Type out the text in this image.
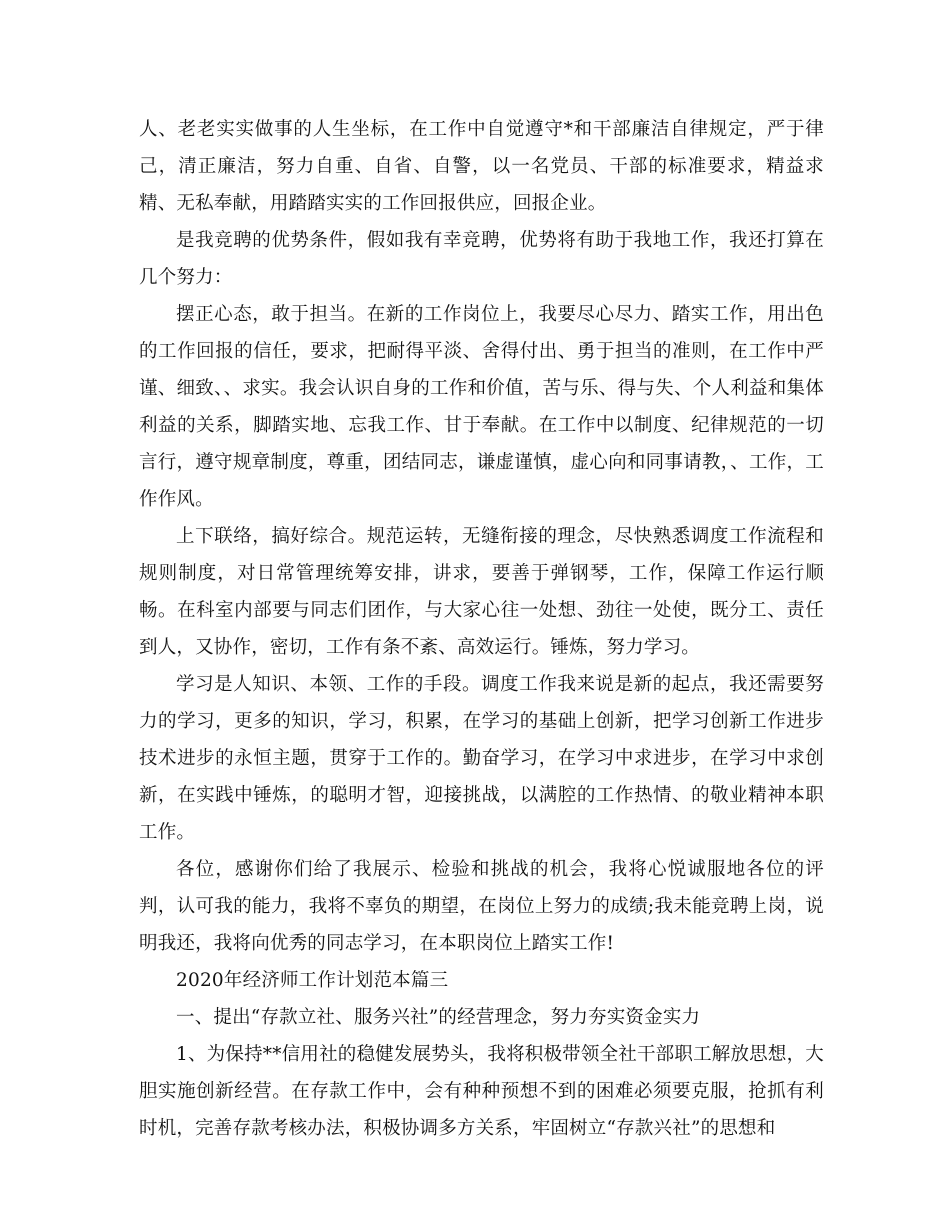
人、老老实实做事的人生坐标，在工作中自觉遵守*和干部廉洁自律规定，严于律己，清正廉洁，努力自重、自省、自警，以一名党员、干部的标准要求，精益求精、无私奉献，用踏踏实实的工作回报供应，回报企业。

是我竞聘的优势条件，假如我有幸竞聘，优势将有助于我地工作，我还打算在几个努力：

摆正心态，敢于担当。在新的工作岗位上，我要尽心尽力、踏实工作，用出色的工作回报的信任，要求，把耐得平淡、舍得付出、勇于担当的准则，在工作中严谨、细致、、求实。我会认识自身的工作和价值，苦与乐、得与失、个人利益和集体利益的关系，脚踏实地、忘我工作、甘于奉献。在工作中以制度、纪律规范的一切言行，遵守规章制度，尊重，团结同志，谦虚谨慎，虚心向和同事请教，、工作，工作作风。

上下联络，搞好综合。规范运转，无缝衔接的理念，尽快熟悉调度工作流程和规则制度，对日常管理统筹安排，讲求，要善于弹钢琴，工作，保障工作运行顺畅。在科室内部要与同志们团作，与大家心往一处想、劲往一处使，既分工、责任到人，又协作，密切，工作有条不紊、高效运行。锤炼，努力学习。

学习是人知识、本领、工作的手段。调度工作我来说是新的起点，我还需要努力的学习，更多的知识，学习，积累，在学习的基础上创新，把学习创新工作进步技术进步的永恒主题，贯穿于工作的。勤奋学习，在学习中求进步，在学习中求创新，在实践中锤炼，的聪明才智，迎接挑战，以满腔的工作热情、的敬业精神本职工作。

各位，感谢你们给了我展示、检验和挑战的机会，我将心悦诚服地各位的评判，认可我的能力，我将不辜负的期望，在岗位上努力的成绩;我未能竞聘上岗，说明我还，我将向优秀的同志学习，在本职岗位上踏实工作!

2020年经济师工作计划范本篇三

一、提出“存款立社、服务兴社”的经营理念，努力夯实资金实力

1、为保持**信用社的稳健发展势头，我将积极带领全社干部职工解放思想，大胆实施创新经营。在存款工作中，会有种种预想不到的困难必须要克服，抢抓有利时机，完善存款考核办法，积极协调多方关系，牢固树立“存款兴社”的思想和
